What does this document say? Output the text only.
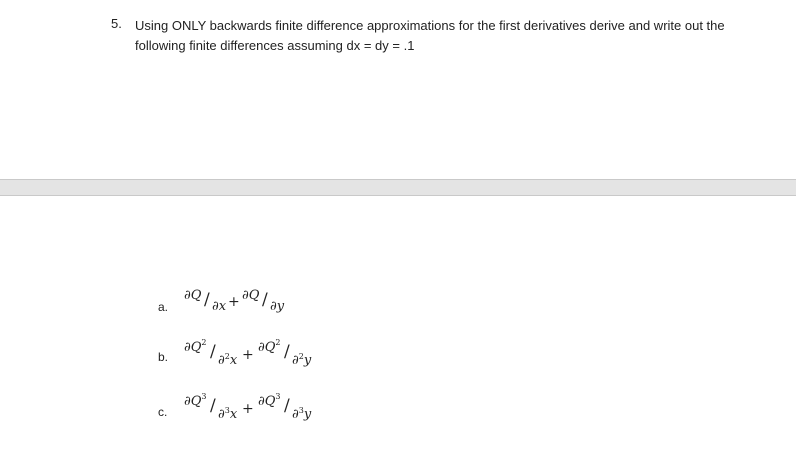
5. Using ONLY backwards finite difference approximations for the first derivatives derive and write out the following finite differences assuming dx = dy = .1
a.
∂Q / ∂x + ∂Q / ∂y
b.
$\partial Q^2 / \partial^2x + \partial Q^2 / \partial^2y$
c.
$\partial Q^3 / \partial^3x + \partial Q^3 / \partial^3y$
